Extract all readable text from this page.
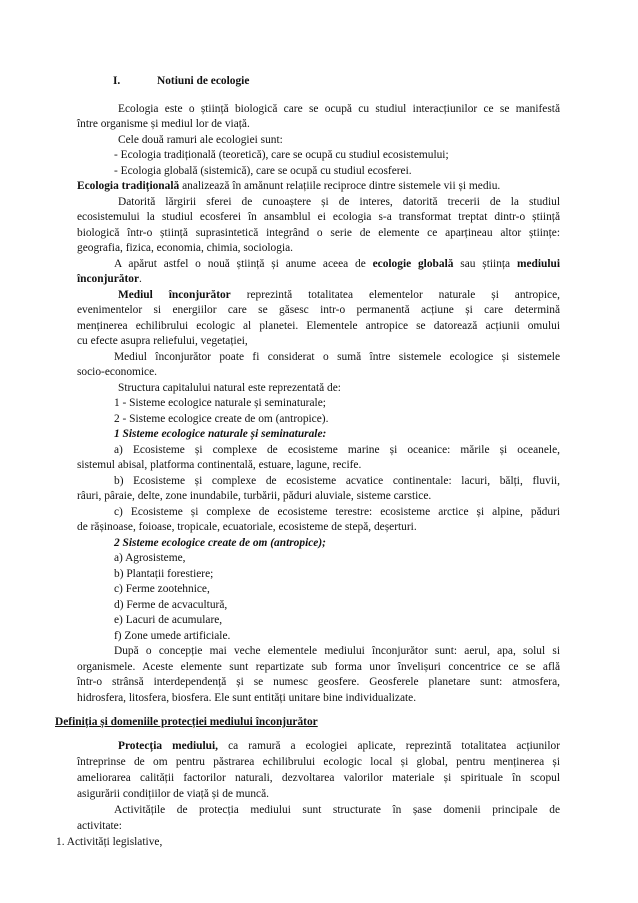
I.	Notiuni de ecologie
Ecologia este o știință biologică care se ocupă cu studiul interacțiunilor ce se manifestă
între organisme și mediul lor de viață.
Cele două ramuri ale ecologiei sunt:
- Ecologia tradițională (teoretică), care se ocupă cu studiul ecosistemului;
- Ecologia globală (sistemică), care se ocupă cu studiul ecosferei.
Ecologia tradițională analizează în amănunt relațiile reciproce dintre sistemele vii și mediu.
Datorită lărgirii sferei de cunoaștere și de interes, datorită trecerii de la studiul
ecosistemului la studiul ecosferei în ansamblul ei ecologia s-a transformat treptat dintr-o știință
biologică într-o știință suprasintetică integrând o serie de elemente ce aparțineau altor științe:
geografia, fizica, economia, chimia, sociologia.
A apărut astfel o nouă știință și anume aceea de ecologie globală sau știința mediului
înconjurător.
Mediul înconjurător reprezintă totalitatea elementelor naturale și antropice,
evenimentelor si energiilor care se găsesc intr-o permanentă acțiune și care determină
menținerea echilibrului ecologic al planetei. Elementele antropice se datorează acțiunii omului
cu efecte asupra reliefului, vegetației,
Mediul înconjurător poate fi considerat o sumă între sistemele ecologice și sistemele
socio-economice.
Structura capitalului natural este reprezentată de:
1 - Sisteme ecologice naturale și seminaturale;
2 - Sisteme ecologice create de om (antropice).
1 Sisteme ecologice naturale și seminaturale:
a) Ecosisteme și complexe de ecosisteme marine și oceanice: mările și oceanele,
sistemul abisal, platforma continentală, estuare, lagune, recife.
b) Ecosisteme și complexe de ecosisteme acvatice continentale: lacuri, bălți, fluvii,
râuri, pâraie, delte, zone inundabile, turbării, păduri aluviale, sisteme carstice.
c) Ecosisteme și complexe de ecosisteme terestre: ecosisteme arctice și alpine, păduri
de rășinoase, foioase, tropicale, ecuatoriale, ecosisteme de stepă, deșerturi.
2 Sisteme ecologice create de om (antropice);
a) Agrosisteme,
b) Plantații forestiere;
c) Ferme zootehnice,
d) Ferme de acvacultură,
e) Lacuri de acumulare,
f) Zone umede artificiale.
După o concepție mai veche elementele mediului înconjurător sunt: aerul, apa, solul si
organismele. Aceste elemente sunt repartizate sub forma unor învelișuri concentrice ce se află
într-o strânsă interdependență și se numesc geosfere. Geosferele planetare sunt: atmosfera,
hidrosfera, litosfera, biosfera. Ele sunt entități unitare bine individualizate.
Definiția și domeniile protecției mediului înconjurător
Protecția mediului, ca ramură a ecologiei aplicate, reprezintă totalitatea acțiunilor
întreprinse de om pentru păstrarea echilibrului ecologic local și global, pentru menținerea și
ameliorarea calității factorilor naturali, dezvoltarea valorilor materiale și spirituale în scopul
asigurării condițiilor de viață și de muncă.
Activitățile de protecția mediului sunt structurate în șase domenii principale de
activitate:
1. Activități legislative,
